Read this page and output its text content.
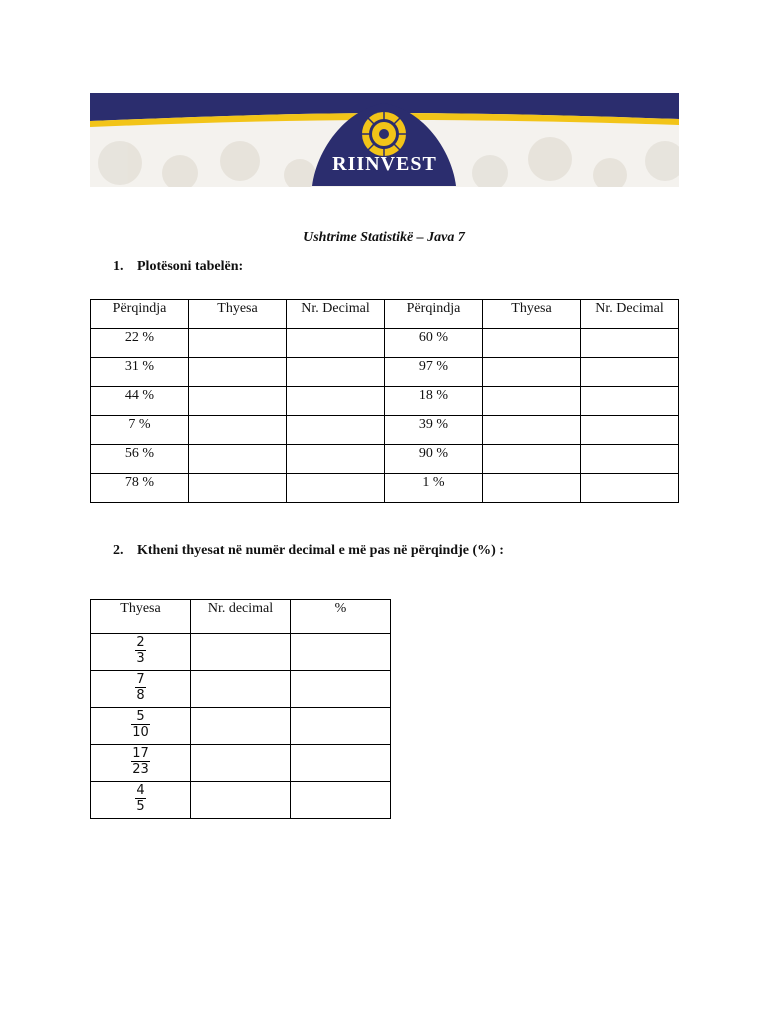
RIINVEST
Ushtrime Statistikë – Java 7
1. Plotësoni tabelën:
Përqindja	Thyesa	Nr. Decimal	Përqindja	Thyesa	Nr. Decimal
22 %			60 %		
31 %			97 %		
44 %			18 %		
7 %			39 %		
56 %			90 %		
78 %			1 %		
2. Ktheni thyesat në numër decimal e më pas në përqindje (%) :
Thyesa	Nr. decimal	%

$\frac{2}{3}$

$\frac{7}{8}$

$\frac{5}{10}$

$\frac{17}{23}$

$\frac{4}{5}$
